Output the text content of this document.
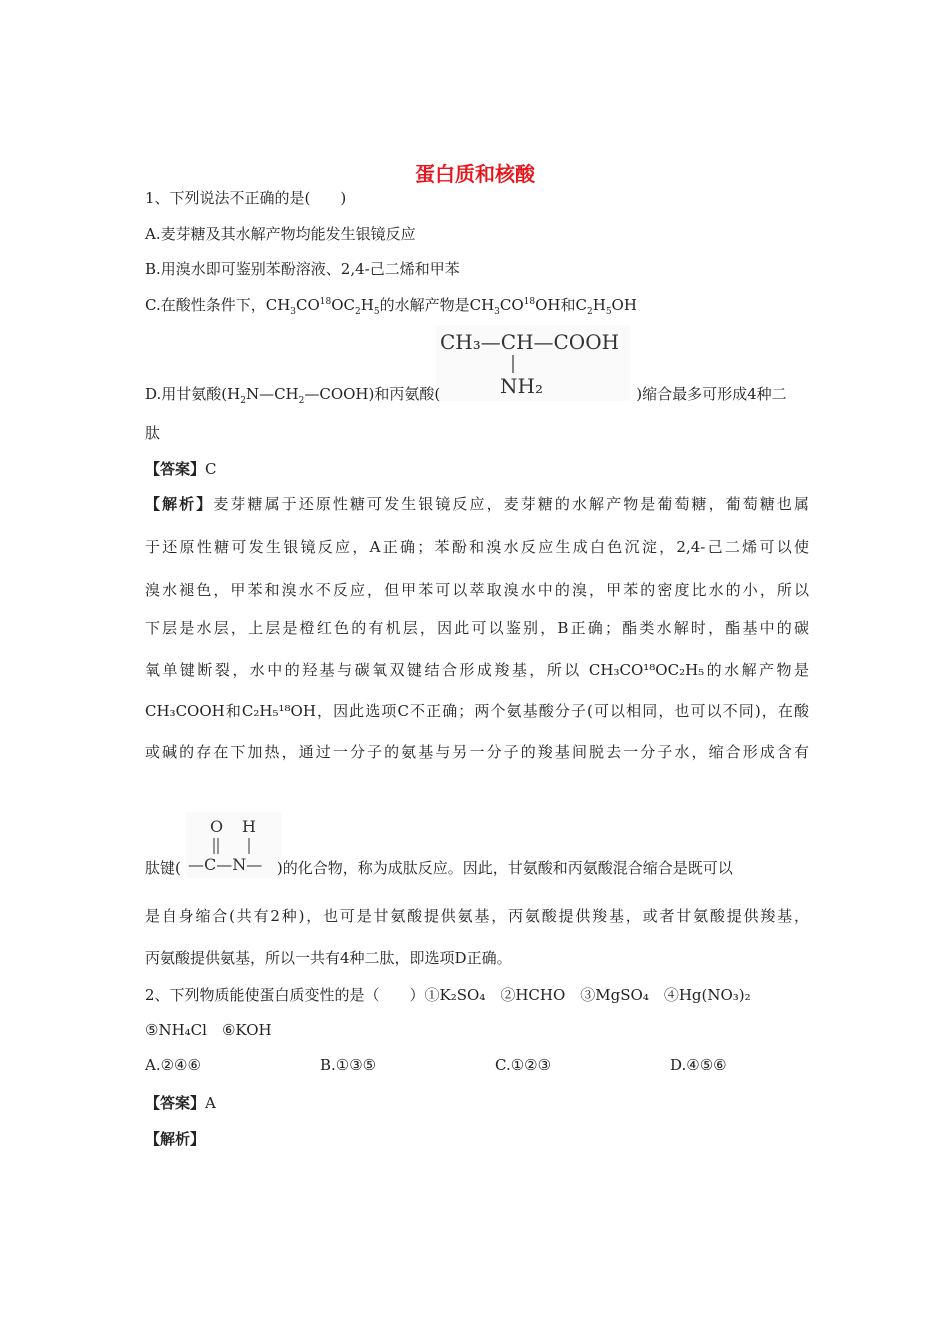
蛋白质和核酸
1、下列说法不正确的是(　　)
A.麦芽糖及其水解产物均能发生银镜反应
B.用溴水即可鉴别苯酚溶液、2,4-己二烯和甲苯
C.在酸性条件下，$CH_3CO^{18}OC_2H_5$的水解产物是$CH_3CO^{18}OH$和$C_2H_5OH$
CH₃—CH—COOH
NH₂
D.用甘氨酸$(H_2N—CH_2—COOH)$和丙氨酸(	)缩合最多可形成4种二
肽
【答案】C
【解析】麦芽糖属于还原性糖可发生银镜反应，麦芽糖的水解产物是葡萄糖，葡萄糖也属
于还原性糖可发生银镜反应，A正确；苯酚和溴水反应生成白色沉淀，2,4-己二烯可以使
溴水褪色，甲苯和溴水不反应，但甲苯可以萃取溴水中的溴，甲苯的密度比水的小，所以
下层是水层，上层是橙红色的有机层，因此可以鉴别，B正确；酯类水解时，酯基中的碳
氧单键断裂，水中的羟基与碳氧双键结合形成羧基，所以 CH₃CO¹⁸OC₂H₅的水解产物是
CH₃COOH和C₂H₅¹⁸OH，因此选项C不正确；两个氨基酸分子(可以相同，也可以不同)，在酸
或碱的存在下加热，通过一分子的氨基与另一分子的羧基间脱去一分子水，缩合形成含有
O H
—C—N—
肽键(	)的化合物，称为成肽反应。因此，甘氨酸和丙氨酸混合缩合是既可以
是自身缩合(共有2种)，也可是甘氨酸提供氨基，丙氨酸提供羧基，或者甘氨酸提供羧基，
丙氨酸提供氨基，所以一共有4种二肽，即选项D正确。
2、下列物质能使蛋白质变性的是（　　）①K₂SO₄　②HCHO　③MgSO₄　④Hg(NO₃)₂
⑤NH₄Cl　⑥KOH
A.②④⑥	B.①③⑤	C.①②③	D.④⑤⑥
【答案】A
【解析】
